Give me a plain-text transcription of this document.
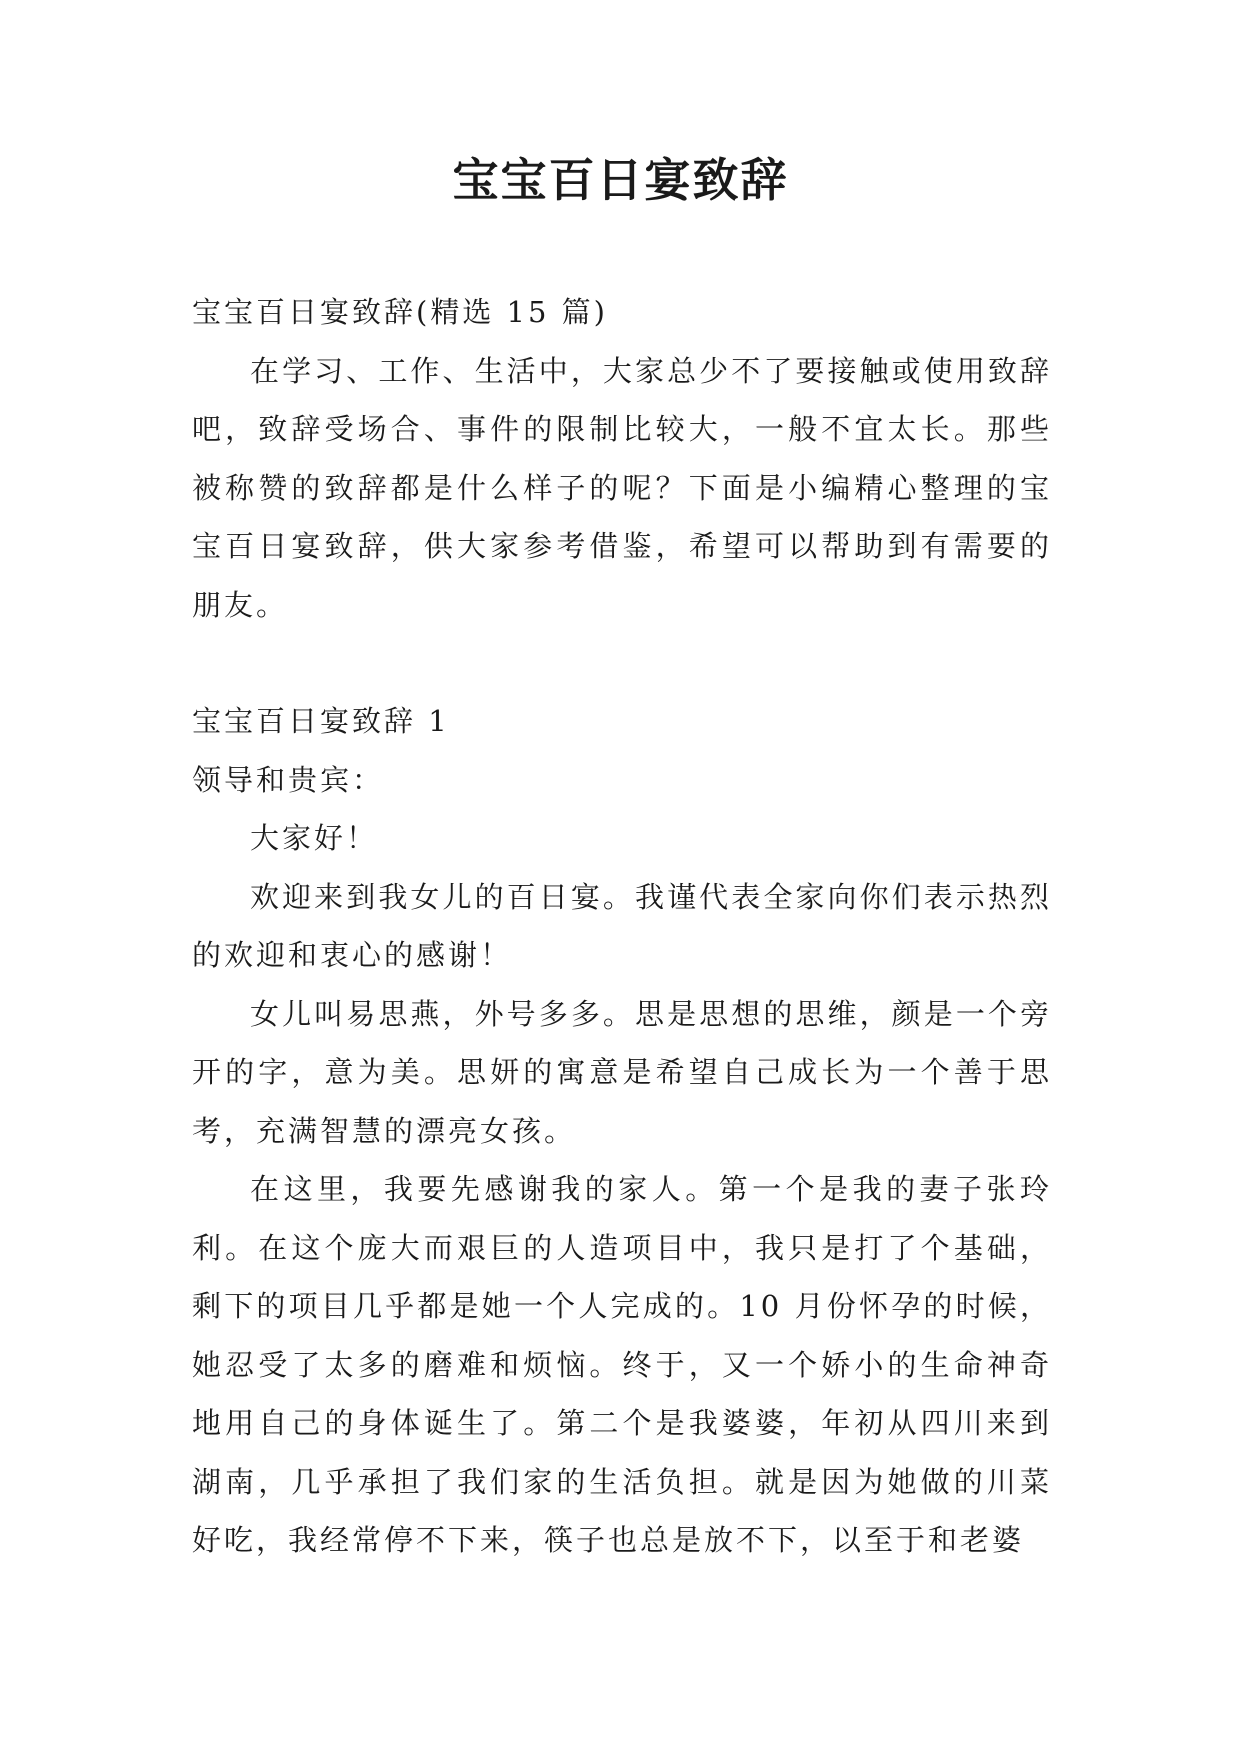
宝宝百日宴致辞

宝宝百日宴致辞(精选 15 篇)

在学习、工作、生活中，大家总少不了要接触或使用致辞吧，致辞受场合、事件的限制比较大，一般不宜太长。那些被称赞的致辞都是什么样子的呢？下面是小编精心整理的宝宝百日宴致辞，供大家参考借鉴，希望可以帮助到有需要的朋友。

宝宝百日宴致辞 1

领导和贵宾：

大家好！

欢迎来到我女儿的百日宴。我谨代表全家向你们表示热烈的欢迎和衷心的感谢！

女儿叫易思燕，外号多多。思是思想的思维，颜是一个旁开的字，意为美。思妍的寓意是希望自己成长为一个善于思考，充满智慧的漂亮女孩。

在这里，我要先感谢我的家人。第一个是我的妻子张玲利。在这个庞大而艰巨的人造项目中，我只是打了个基础，剩下的项目几乎都是她一个人完成的。10 月份怀孕的时候，她忍受了太多的磨难和烦恼。终于，又一个娇小的生命神奇地用自己的身体诞生了。第二个是我婆婆，年初从四川来到湖南，几乎承担了我们家的生活负担。就是因为她做的川菜好吃，我经常停不下来，筷子也总是放不下，以至于和老婆
